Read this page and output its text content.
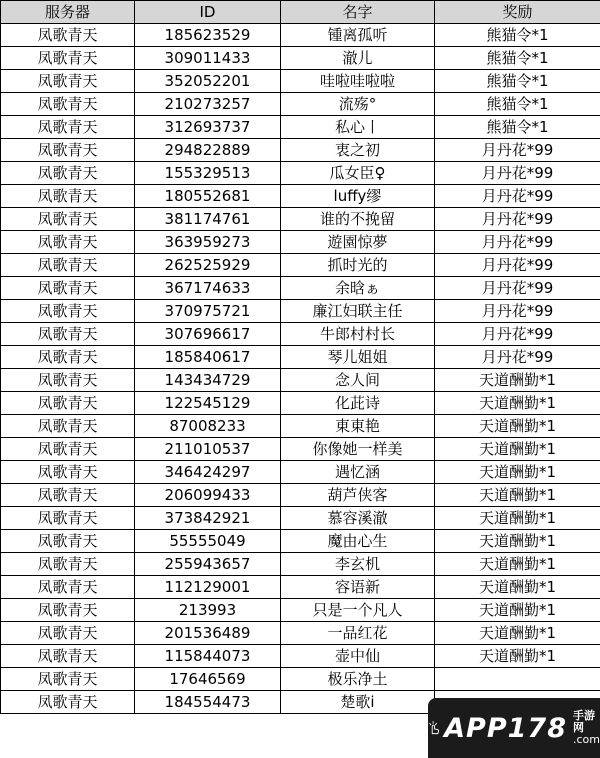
服务器	ID	名字	奖励
凤歌青天	185623529	锺离孤听	熊猫令*1
凤歌青天	309011433	澈儿	熊猫令*1
凤歌青天	352052201	哇啦哇啦啦	熊猫令*1
凤歌青天	210273257	流殇°	熊猫令*1
凤歌青天	312693737	私心丨	熊猫令*1
凤歌青天	294822889	衷之初	月丹花*99
凤歌青天	155329513	瓜女臣♀	月丹花*99
凤歌青天	180552681	luffy缪	月丹花*99
凤歌青天	381174761	谁的不挽留	月丹花*99
凤歌青天	363959273	遊園惊夢	月丹花*99
凤歌青天	262525929	抓时光的	月丹花*99
凤歌青天	367174633	余晗ぁ	月丹花*99
凤歌青天	370975721	廉江妇联主任	月丹花*99
凤歌青天	307696617	牛郎村村长	月丹花*99
凤歌青天	185840617	琴儿姐姐	月丹花*99
凤歌青天	143434729	念人间	天道酬勤*1
凤歌青天	122545129	化茈诗	天道酬勤*1
凤歌青天	87008233	東東艳	天道酬勤*1
凤歌青天	211010537	你像她一样美	天道酬勤*1
凤歌青天	346424297	遇忆涵	天道酬勤*1
凤歌青天	206099433	葫芦侠客	天道酬勤*1
凤歌青天	373842921	慕容溪澈	天道酬勤*1
凤歌青天	55555049	魔由心生	天道酬勤*1
凤歌青天	255943657	李玄机	天道酬勤*1
凤歌青天	112129001	容语新	天道酬勤*1
凤歌青天	213993	只是一个凡人	天道酬勤*1
凤歌青天	201536489	一品红花	天道酬勤*1
凤歌青天	115844073	壶中仙	天道酬勤*1
凤歌青天	17646569	极乐净土	
凤歌青天	184554473	楚歌i	
APP178 手游网
.com
